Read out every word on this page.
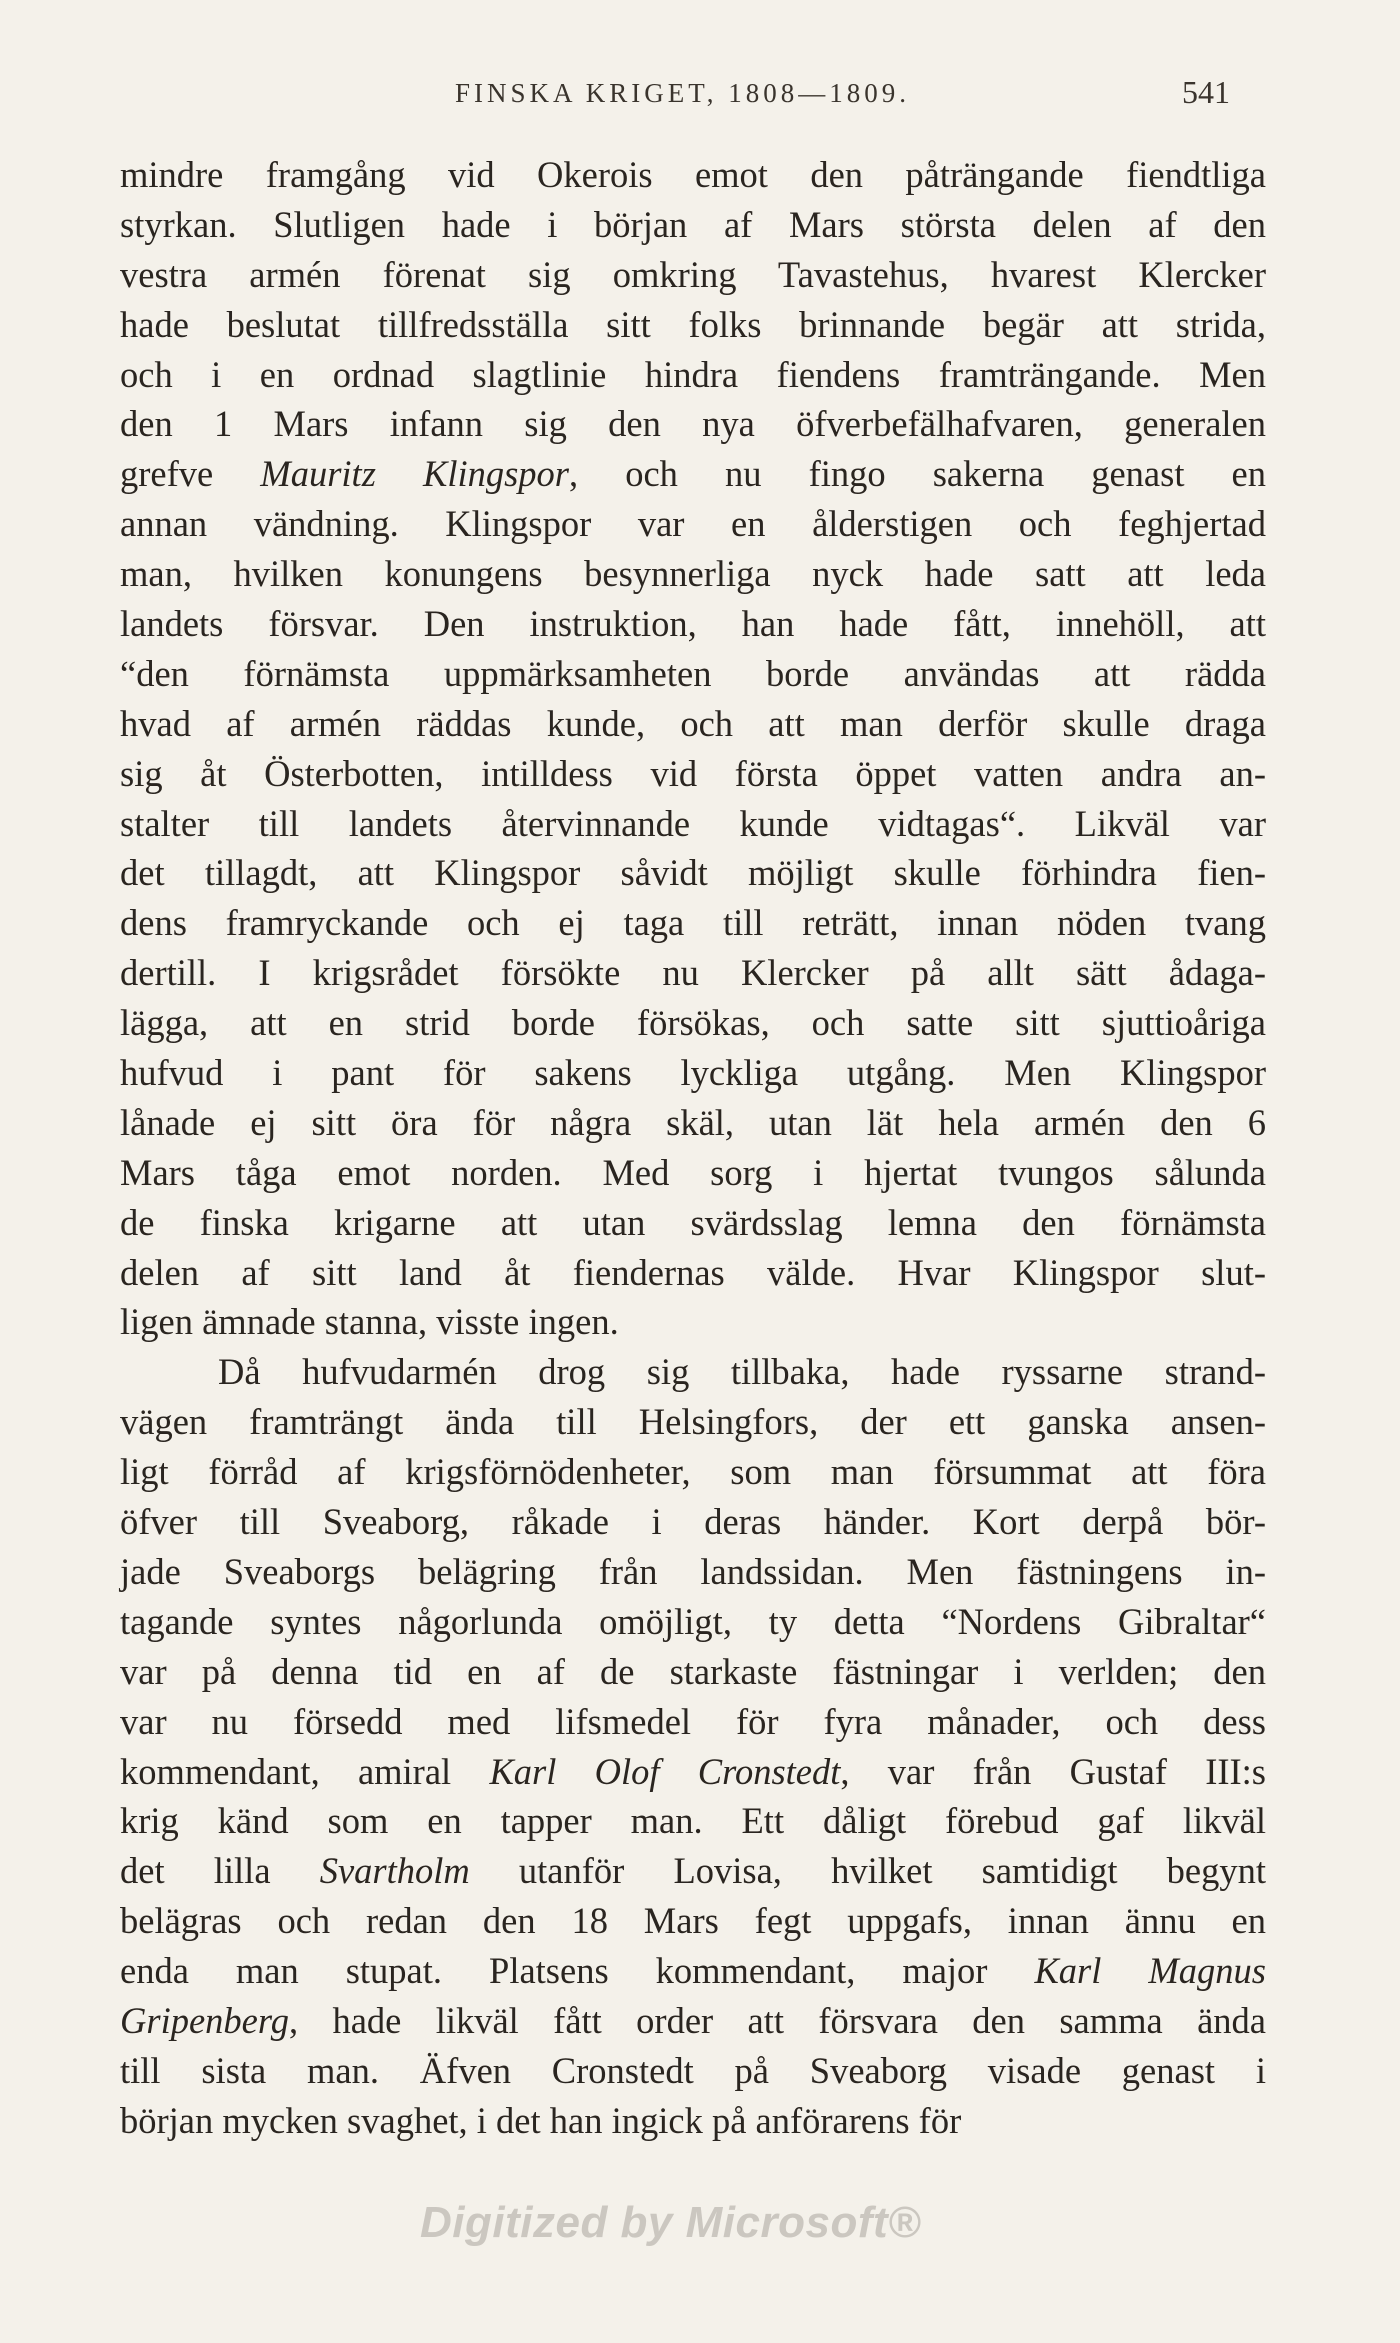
FINSKA KRIGET, 1808—1809.	541
mindre framgång vid Okerois emot den påträngande fiendtliga
styrkan. Slutligen hade i början af Mars största delen af den
vestra armén förenat sig omkring Tavastehus, hvarest Klercker
hade beslutat tillfredsställa sitt folks brinnande begär att strida,
och i en ordnad slagtlinie hindra fiendens framträngande. Men
den 1 Mars infann sig den nya öfverbefälhafvaren, generalen
grefve Mauritz Klingspor, och nu fingo sakerna genast en
annan vändning. Klingspor var en ålderstigen och feghjertad
man, hvilken konungens besynnerliga nyck hade satt att leda
landets försvar. Den instruktion, han hade fått, innehöll, att
“den förnämsta uppmärksamheten borde användas att rädda
hvad af armén räddas kunde, och att man derför skulle draga
sig åt Österbotten, intilldess vid första öppet vatten andra an-
stalter till landets återvinnande kunde vidtagas“. Likväl var
det tillagdt, att Klingspor såvidt möjligt skulle förhindra fien-
dens framryckande och ej taga till reträtt, innan nöden tvang
dertill. I krigsrådet försökte nu Klercker på allt sätt ådaga-
lägga, att en strid borde försökas, och satte sitt sjuttioåriga
hufvud i pant för sakens lyckliga utgång. Men Klingspor
lånade ej sitt öra för några skäl, utan lät hela armén den 6
Mars tåga emot norden. Med sorg i hjertat tvungos sålunda
de finska krigarne att utan svärdsslag lemna den förnämsta
delen af sitt land åt fiendernas välde. Hvar Klingspor slut-
ligen ämnade stanna, visste ingen.
Då hufvudarmén drog sig tillbaka, hade ryssarne strand-
vägen framträngt ända till Helsingfors, der ett ganska ansen-
ligt förråd af krigsförnödenheter, som man försummat att föra
öfver till Sveaborg, råkade i deras händer. Kort derpå bör-
jade Sveaborgs belägring från landssidan. Men fästningens in-
tagande syntes någorlunda omöjligt, ty detta “Nordens Gibraltar“
var på denna tid en af de starkaste fästningar i verlden; den
var nu försedd med lifsmedel för fyra månader, och dess
kommendant, amiral Karl Olof Cronstedt, var från Gustaf III:s
krig känd som en tapper man. Ett dåligt förebud gaf likväl
det lilla Svartholm utanför Lovisa, hvilket samtidigt begynt
belägras och redan den 18 Mars fegt uppgafs, innan ännu en
enda man stupat. Platsens kommendant, major Karl Magnus
Gripenberg, hade likväl fått order att försvara den samma ända
till sista man. Äfven Cronstedt på Sveaborg visade genast i
början mycken svaghet, i det han ingick på anförarens för
Digitized by Microsoft®
